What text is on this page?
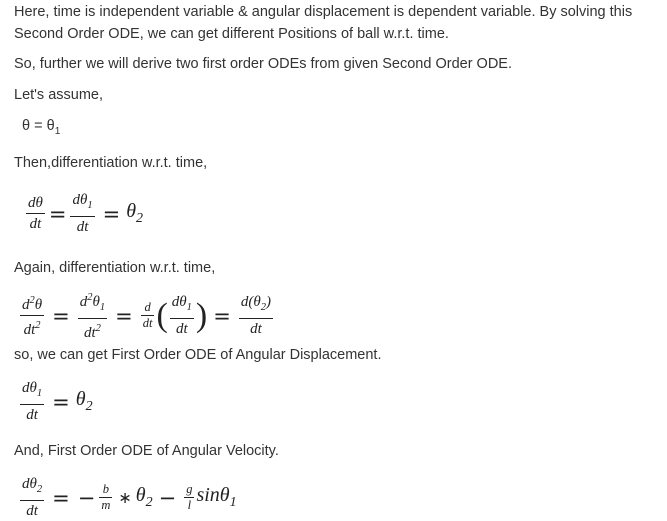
Here, time is independent variable & angular displacement is dependent variable. By solving this
Second Order ODE, we can get different Positions of ball w.r.t. time.
So, further we will derive two first order ODEs from given Second Order ODE.
Let's assume,
$\theta = \theta_1$
Then,differentiation w.r.t. time,
$\frac{d\theta}{dt} = \frac{d\theta_1}{dt} = \theta_2$
Again, differentiation w.r.t. time,
$\frac{d^2\theta}{dt^2} = \frac{d^2\theta_1}{dt^2} = \frac{d}{dt}$ ( $\frac{d\theta_1}{dt}$ ) = $\frac{d(\theta_2)}{dt}$
so, we can get First Order ODE of Angular Displacement.
$\frac{d\theta_1}{dt} = \theta_2$
And, First Order ODE of Angular Velocity.
$\frac{d\theta_2}{dt}$ = − $\frac{b}{m}$ ∗ $\theta_2 - \frac{g}{l} \sin\theta_1$
